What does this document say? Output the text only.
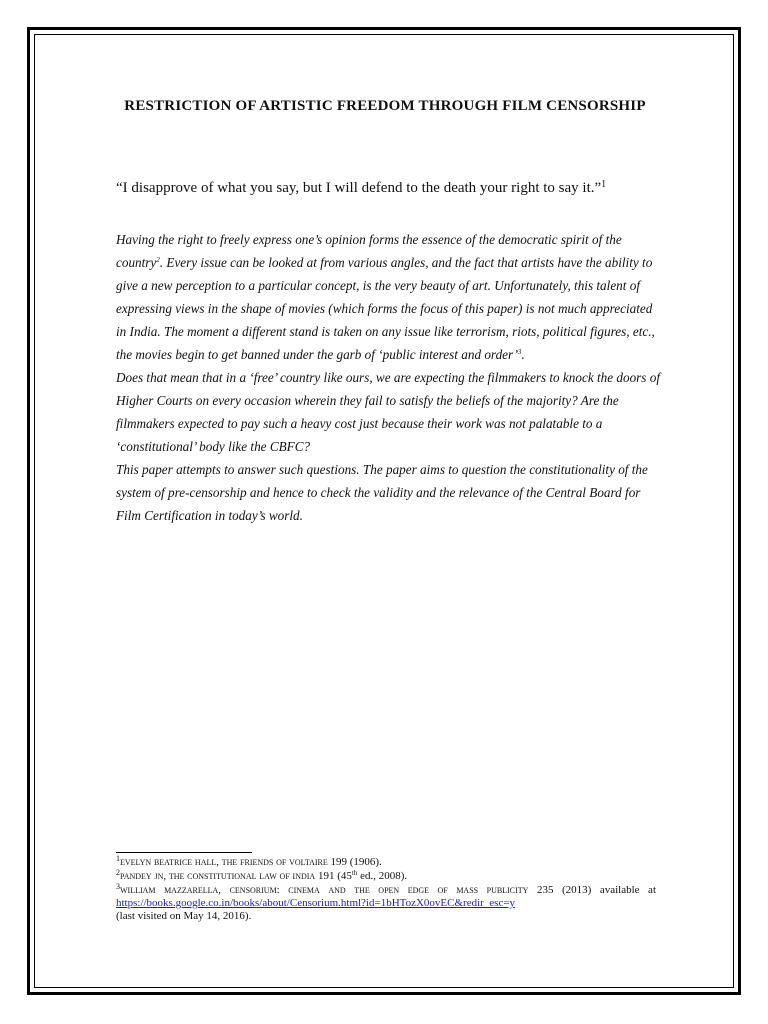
RESTRICTION OF ARTISTIC FREEDOM THROUGH FILM CENSORSHIP

“I disapprove of what you say, but I will defend to the death your right to say it.”$^1$

Having the right to freely express one’s opinion forms the essence of the democratic spirit of the country$^2$. Every issue can be looked at from various angles, and the fact that artists have the ability to give a new perception to a particular concept, is the very beauty of art. Unfortunately, this talent of expressing views in the shape of movies (which forms the focus of this paper) is not much appreciated in India. The moment a different stand is taken on any issue like terrorism, riots, political figures, etc., the movies begin to get banned under the garb of ‘public interest and order’$^3$.

Does that mean that in a ‘free’ country like ours, we are expecting the filmmakers to knock the doors of Higher Courts on every occasion wherein they fail to satisfy the beliefs of the majority? Are the filmmakers expected to pay such a heavy cost just because their work was not palatable to a ‘constitutional’ body like the CBFC?

This paper attempts to answer such questions. The paper aims to question the constitutionality of the system of pre-censorship and hence to check the validity and the relevance of the Central Board for Film Certification in today’s world.

$^1$evelyn beatrice hall, the friends of voltaire 199 (1906).

$^2$pandey jn, the constitutional law of india 191 (45th ed., 2008).

$^3$william mazzarella, censorium: cinema and the open edge of mass publicity 235 (2013) available at https://books.google.co.in/books/about/Censorium.html?id=1bHTozX0ovEC&redir_esc=y
(last visited on May 14, 2016).
